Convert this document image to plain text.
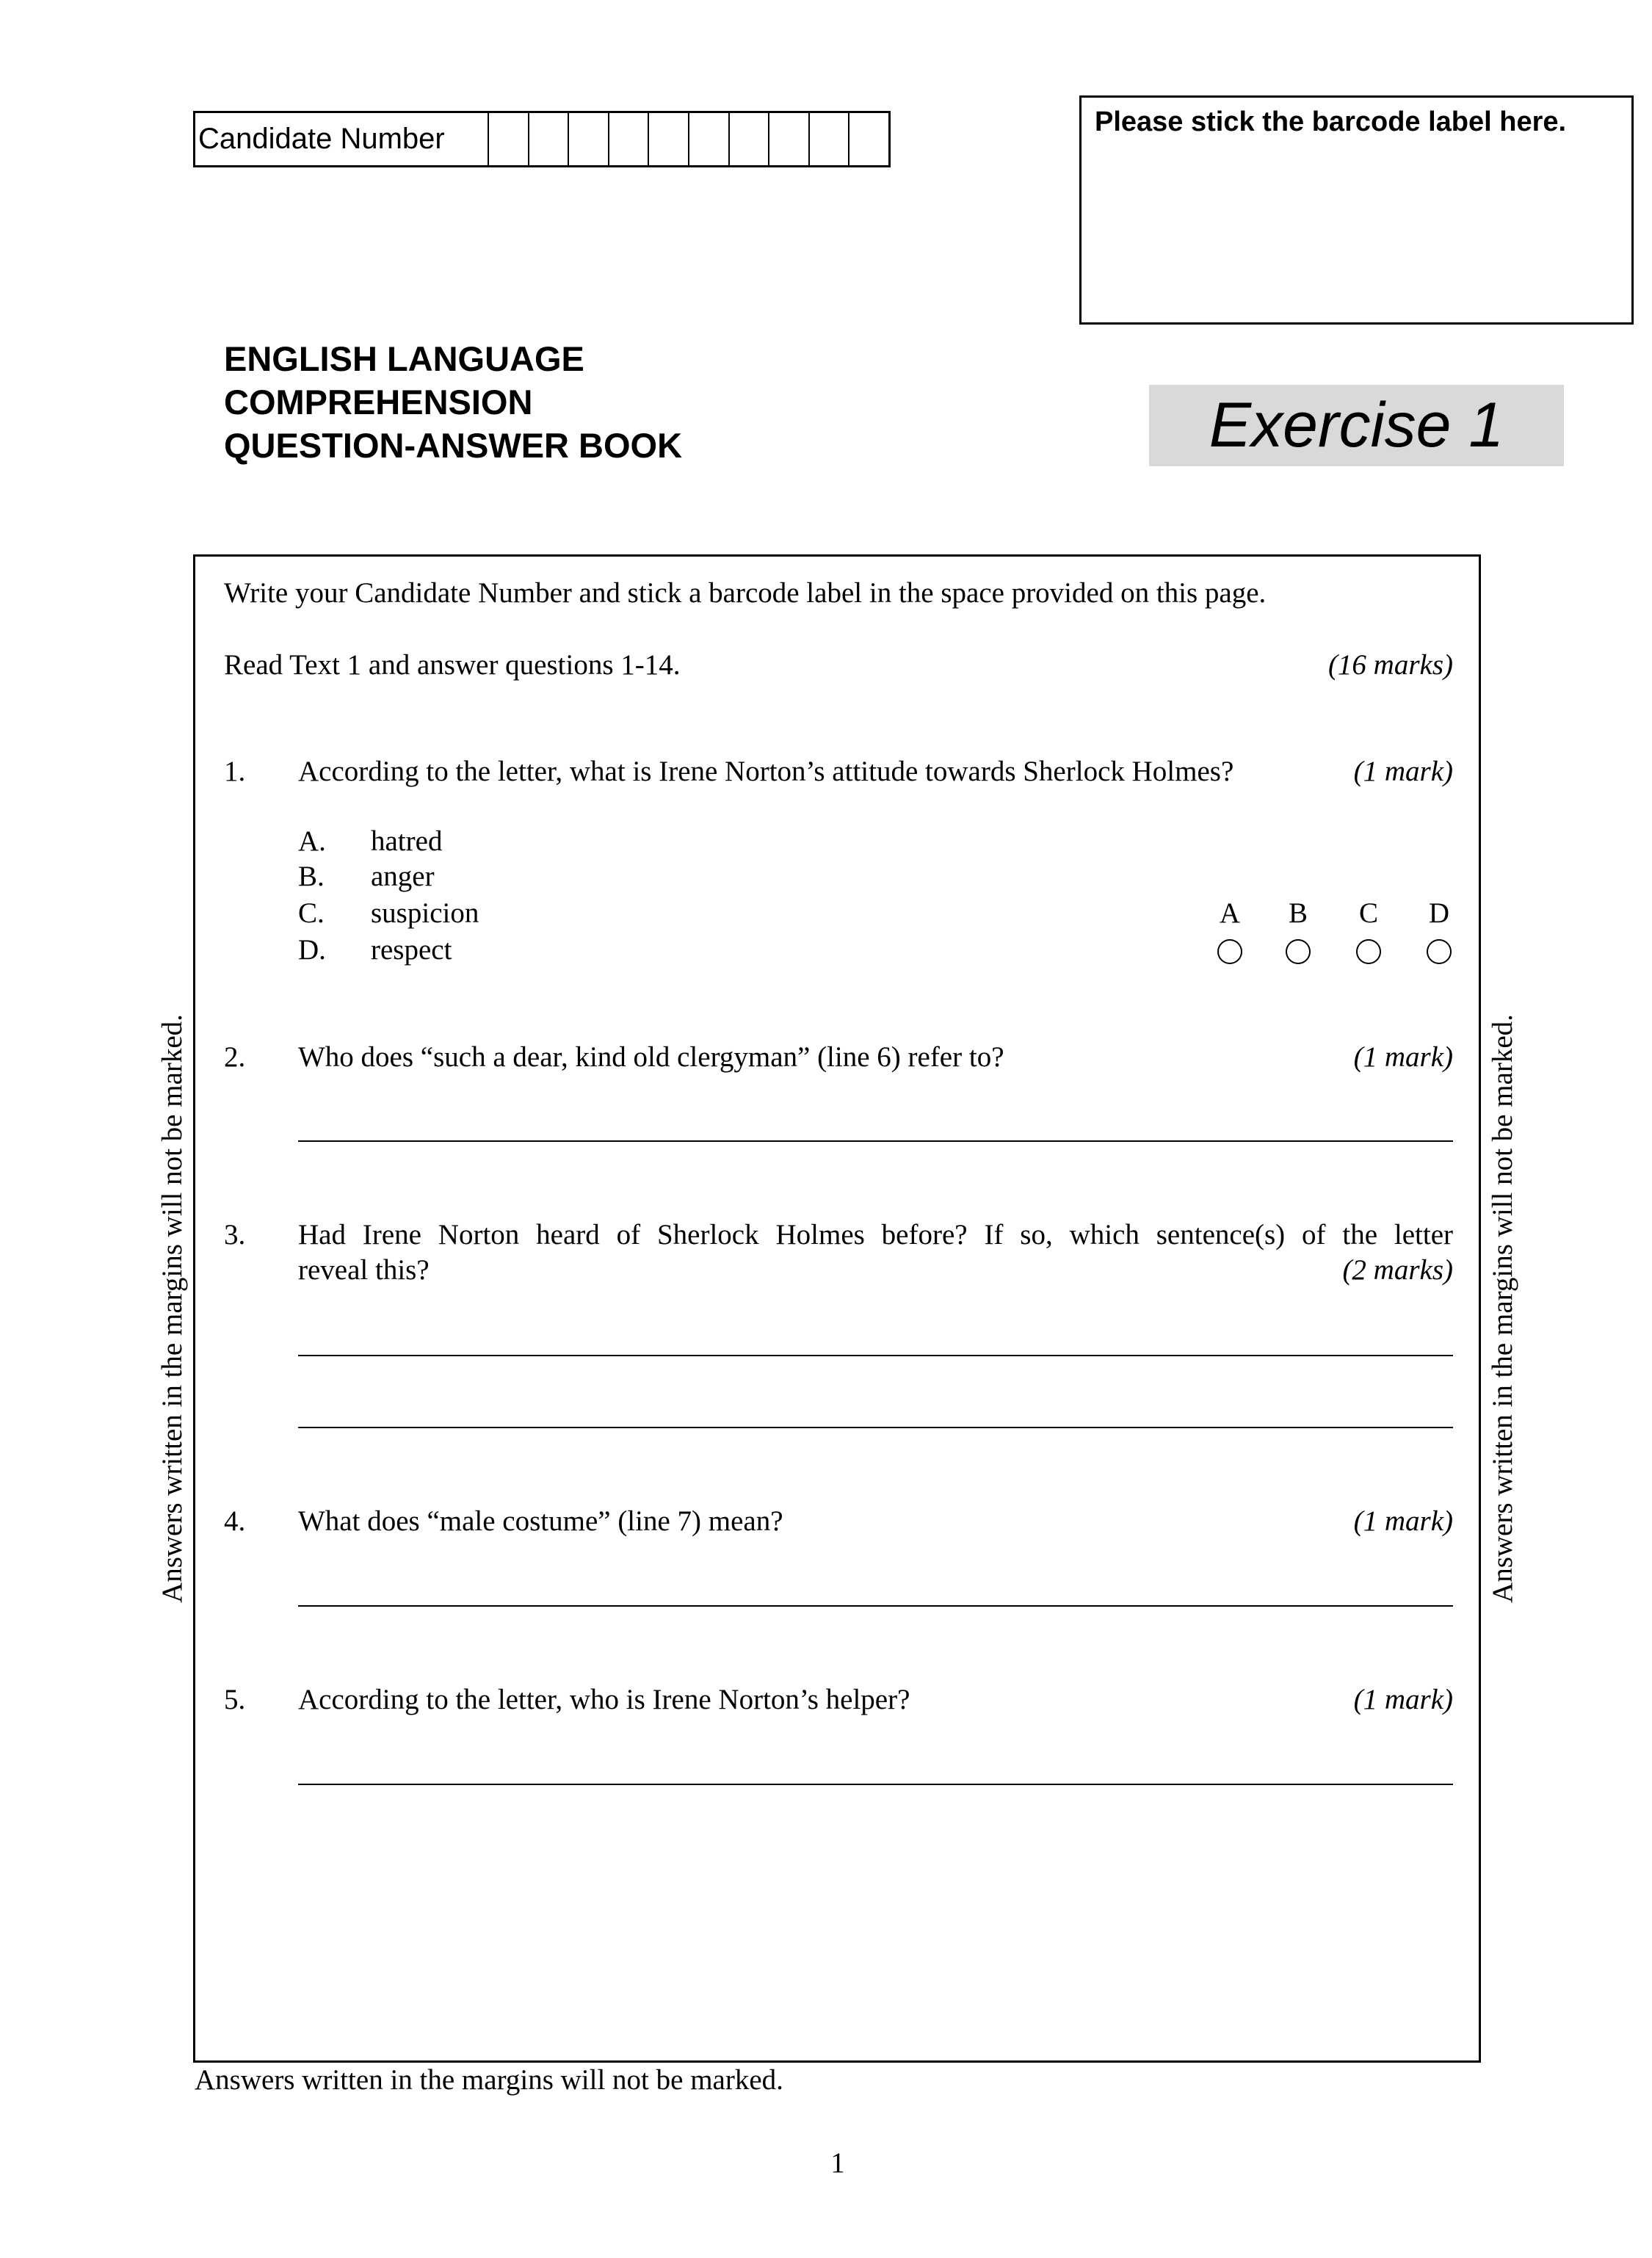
Candidate Number
Please stick the barcode label here.
ENGLISH LANGUAGE
COMPREHENSION
QUESTION-ANSWER BOOK	Exercise 1
Write your Candidate Number and stick a barcode label in the space provided on this page.
Read Text 1 and answer questions 1-14.	(16 marks)
1. According to the letter, what is Irene Norton’s attitude towards Sherlock Holmes?	(1 mark)
A. hatred
B. anger
C. suspicion
D. respect
A	B	C	D
2. Who does “such a dear, kind old clergyman” (line 6) refer to?	(1 mark)
3. Had Irene Norton heard of Sherlock Holmes before? If so, which sentence(s) of the letter
reveal this?	(2 marks)
4. What does “male costume” (line 7) mean?	(1 mark)
5. According to the letter, who is Irene Norton’s helper?	(1 mark)
Answers written in the margins will not be marked.	Answers written in the margins will not be marked.
Answers written in the margins will not be marked.
1
